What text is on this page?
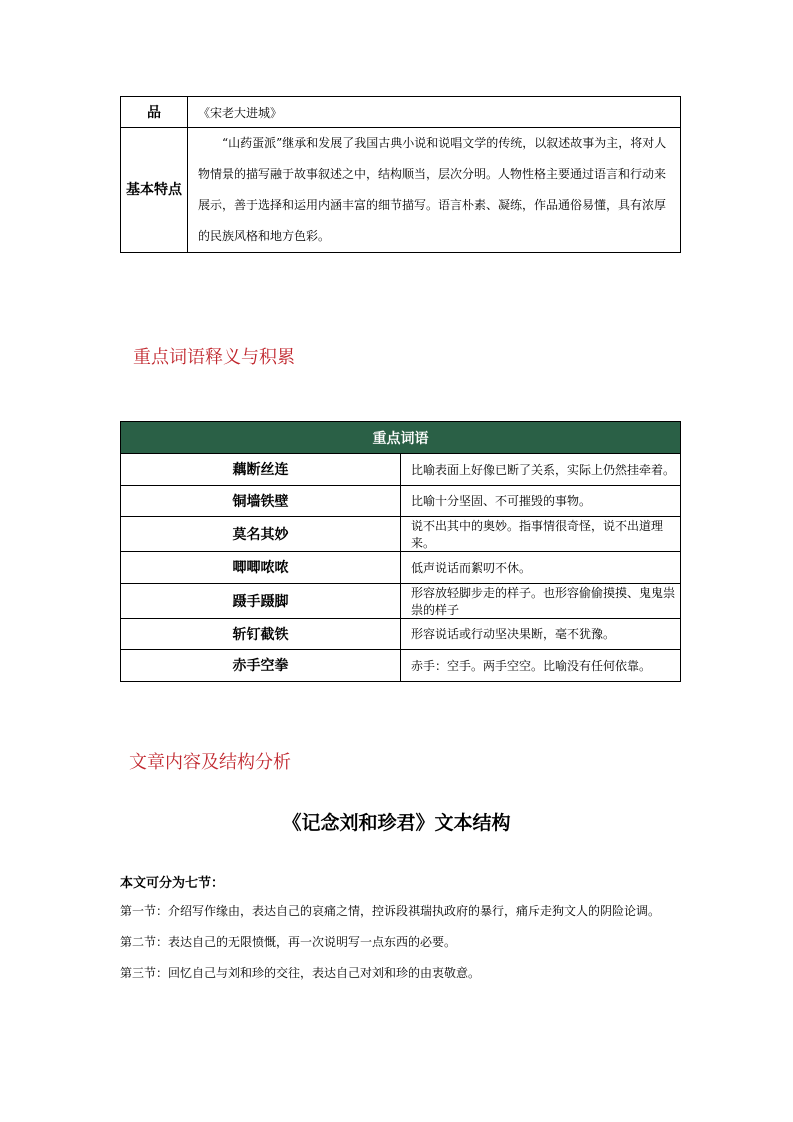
品	《宋老大进城》
基本特点	“山药蛋派”继承和发展了我国古典小说和说唱文学的传统，以叙述故事为主，将对人物情景的描写融于故事叙述之中，结构顺当，层次分明。人物性格主要通过语言和行动来展示，善于选择和运用内涵丰富的细节描写。语言朴素、凝练，作品通俗易懂，具有浓厚的民族风格和地方色彩。
重点词语释义与积累
重点词语	
藕断丝连	比喻表面上好像已断了关系，实际上仍然挂牵着。
铜墙铁壁	比喻十分坚固、不可摧毁的事物。
莫名其妙	说不出其中的奥妙。指事情很奇怪，说不出道理来。
唧唧哝哝	低声说话而絮叨不休。
蹑手蹑脚	形容放轻脚步走的样子。也形容偷偷摸摸、鬼鬼祟祟的样子
斩钉截铁	形容说话或行动坚决果断，毫不犹豫。
赤手空拳	赤手：空手。两手空空。比喻没有任何依靠。
文章内容及结构分析
《记念刘和珍君》文本结构
本文可分为七节：
第一节：介绍写作缘由，表达自己的哀痛之情，控诉段祺瑞执政府的暴行，痛斥走狗文人的阴险论调。
第二节：表达自己的无限愤慨，再一次说明写一点东西的必要。
第三节：回忆自己与刘和珍的交往，表达自己对刘和珍的由衷敬意。
